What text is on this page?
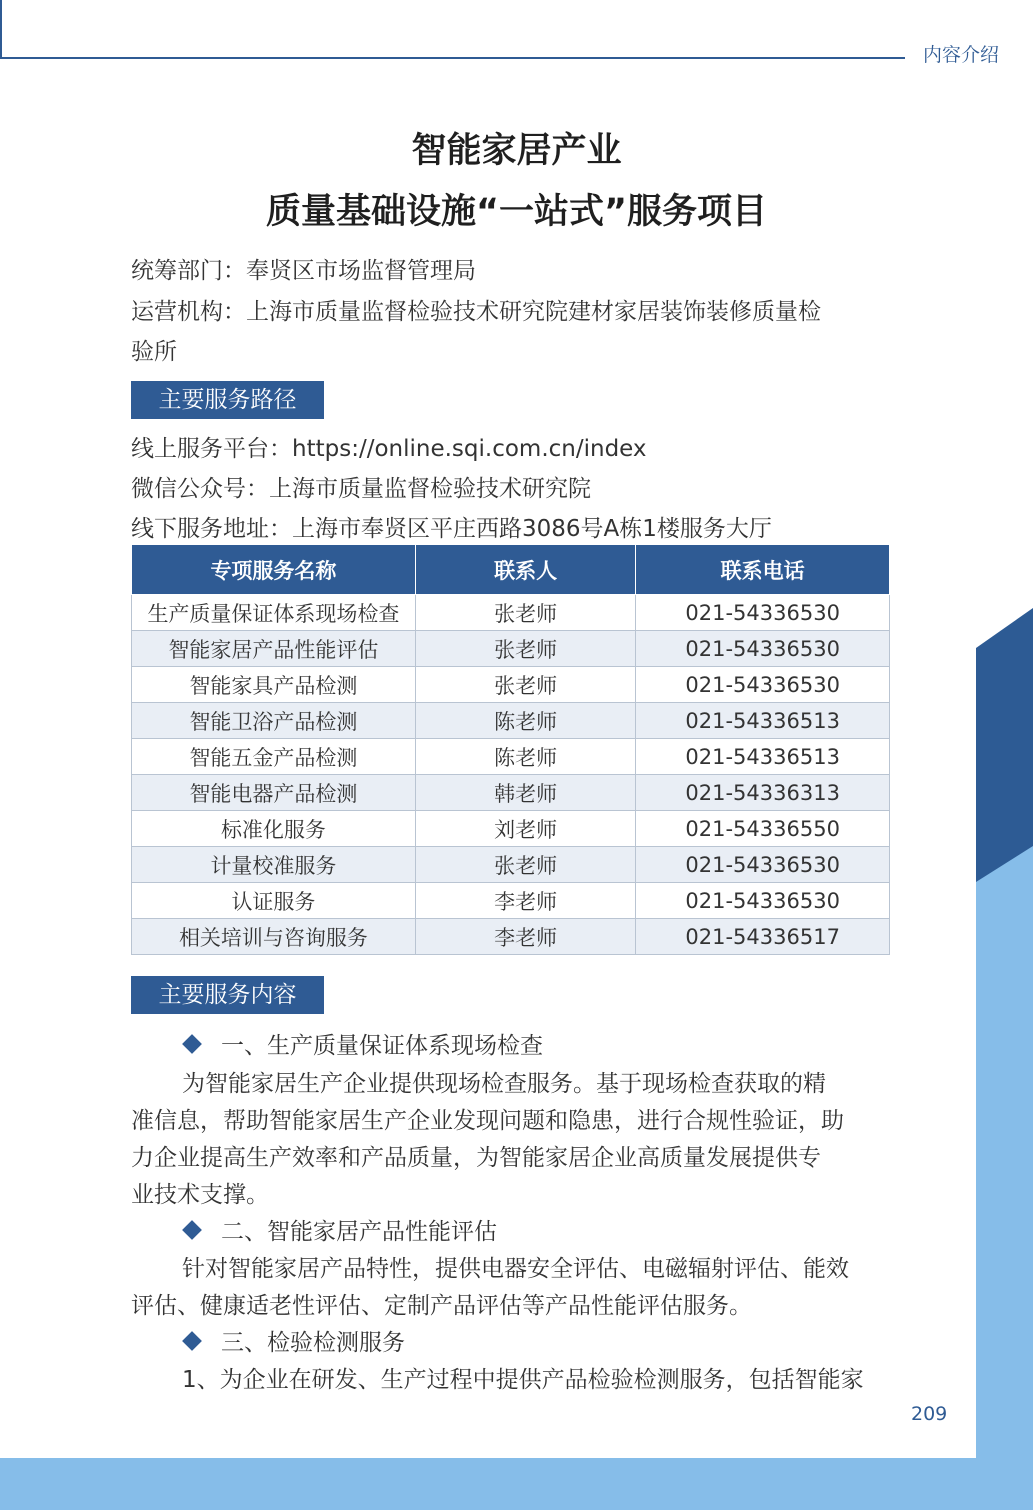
内容介绍
智能家居产业
质量基础设施“一站式”服务项目
统筹部门：奉贤区市场监督管理局
运营机构：上海市质量监督检验技术研究院建材家居装饰装修质量检
验所
主要服务路径
线上服务平台：https://online.sqi.com.cn/index
微信公众号：上海市质量监督检验技术研究院
线下服务地址：上海市奉贤区平庄西路3086号A栋1楼服务大厅
专项服务名称	联系人	联系电话
生产质量保证体系现场检查	张老师	021-54336530
智能家居产品性能评估	张老师	021-54336530
智能家具产品检测	张老师	021-54336530
智能卫浴产品检测	陈老师	021-54336513
智能五金产品检测	陈老师	021-54336513
智能电器产品检测	韩老师	021-54336313
标准化服务	刘老师	021-54336550
计量校准服务	张老师	021-54336530
认证服务	李老师	021-54336530
相关培训与咨询服务	李老师	021-54336517
主要服务内容
一、生产质量保证体系现场检查
为智能家居生产企业提供现场检查服务。基于现场检查获取的精
准信息，帮助智能家居生产企业发现问题和隐患，进行合规性验证，助
力企业提高生产效率和产品质量，为智能家居企业高质量发展提供专
业技术支撑。
二、智能家居产品性能评估
针对智能家居产品特性，提供电器安全评估、电磁辐射评估、能效
评估、健康适老性评估、定制产品评估等产品性能评估服务。
三、检验检测服务
1、为企业在研发、生产过程中提供产品检验检测服务，包括智能家
209
